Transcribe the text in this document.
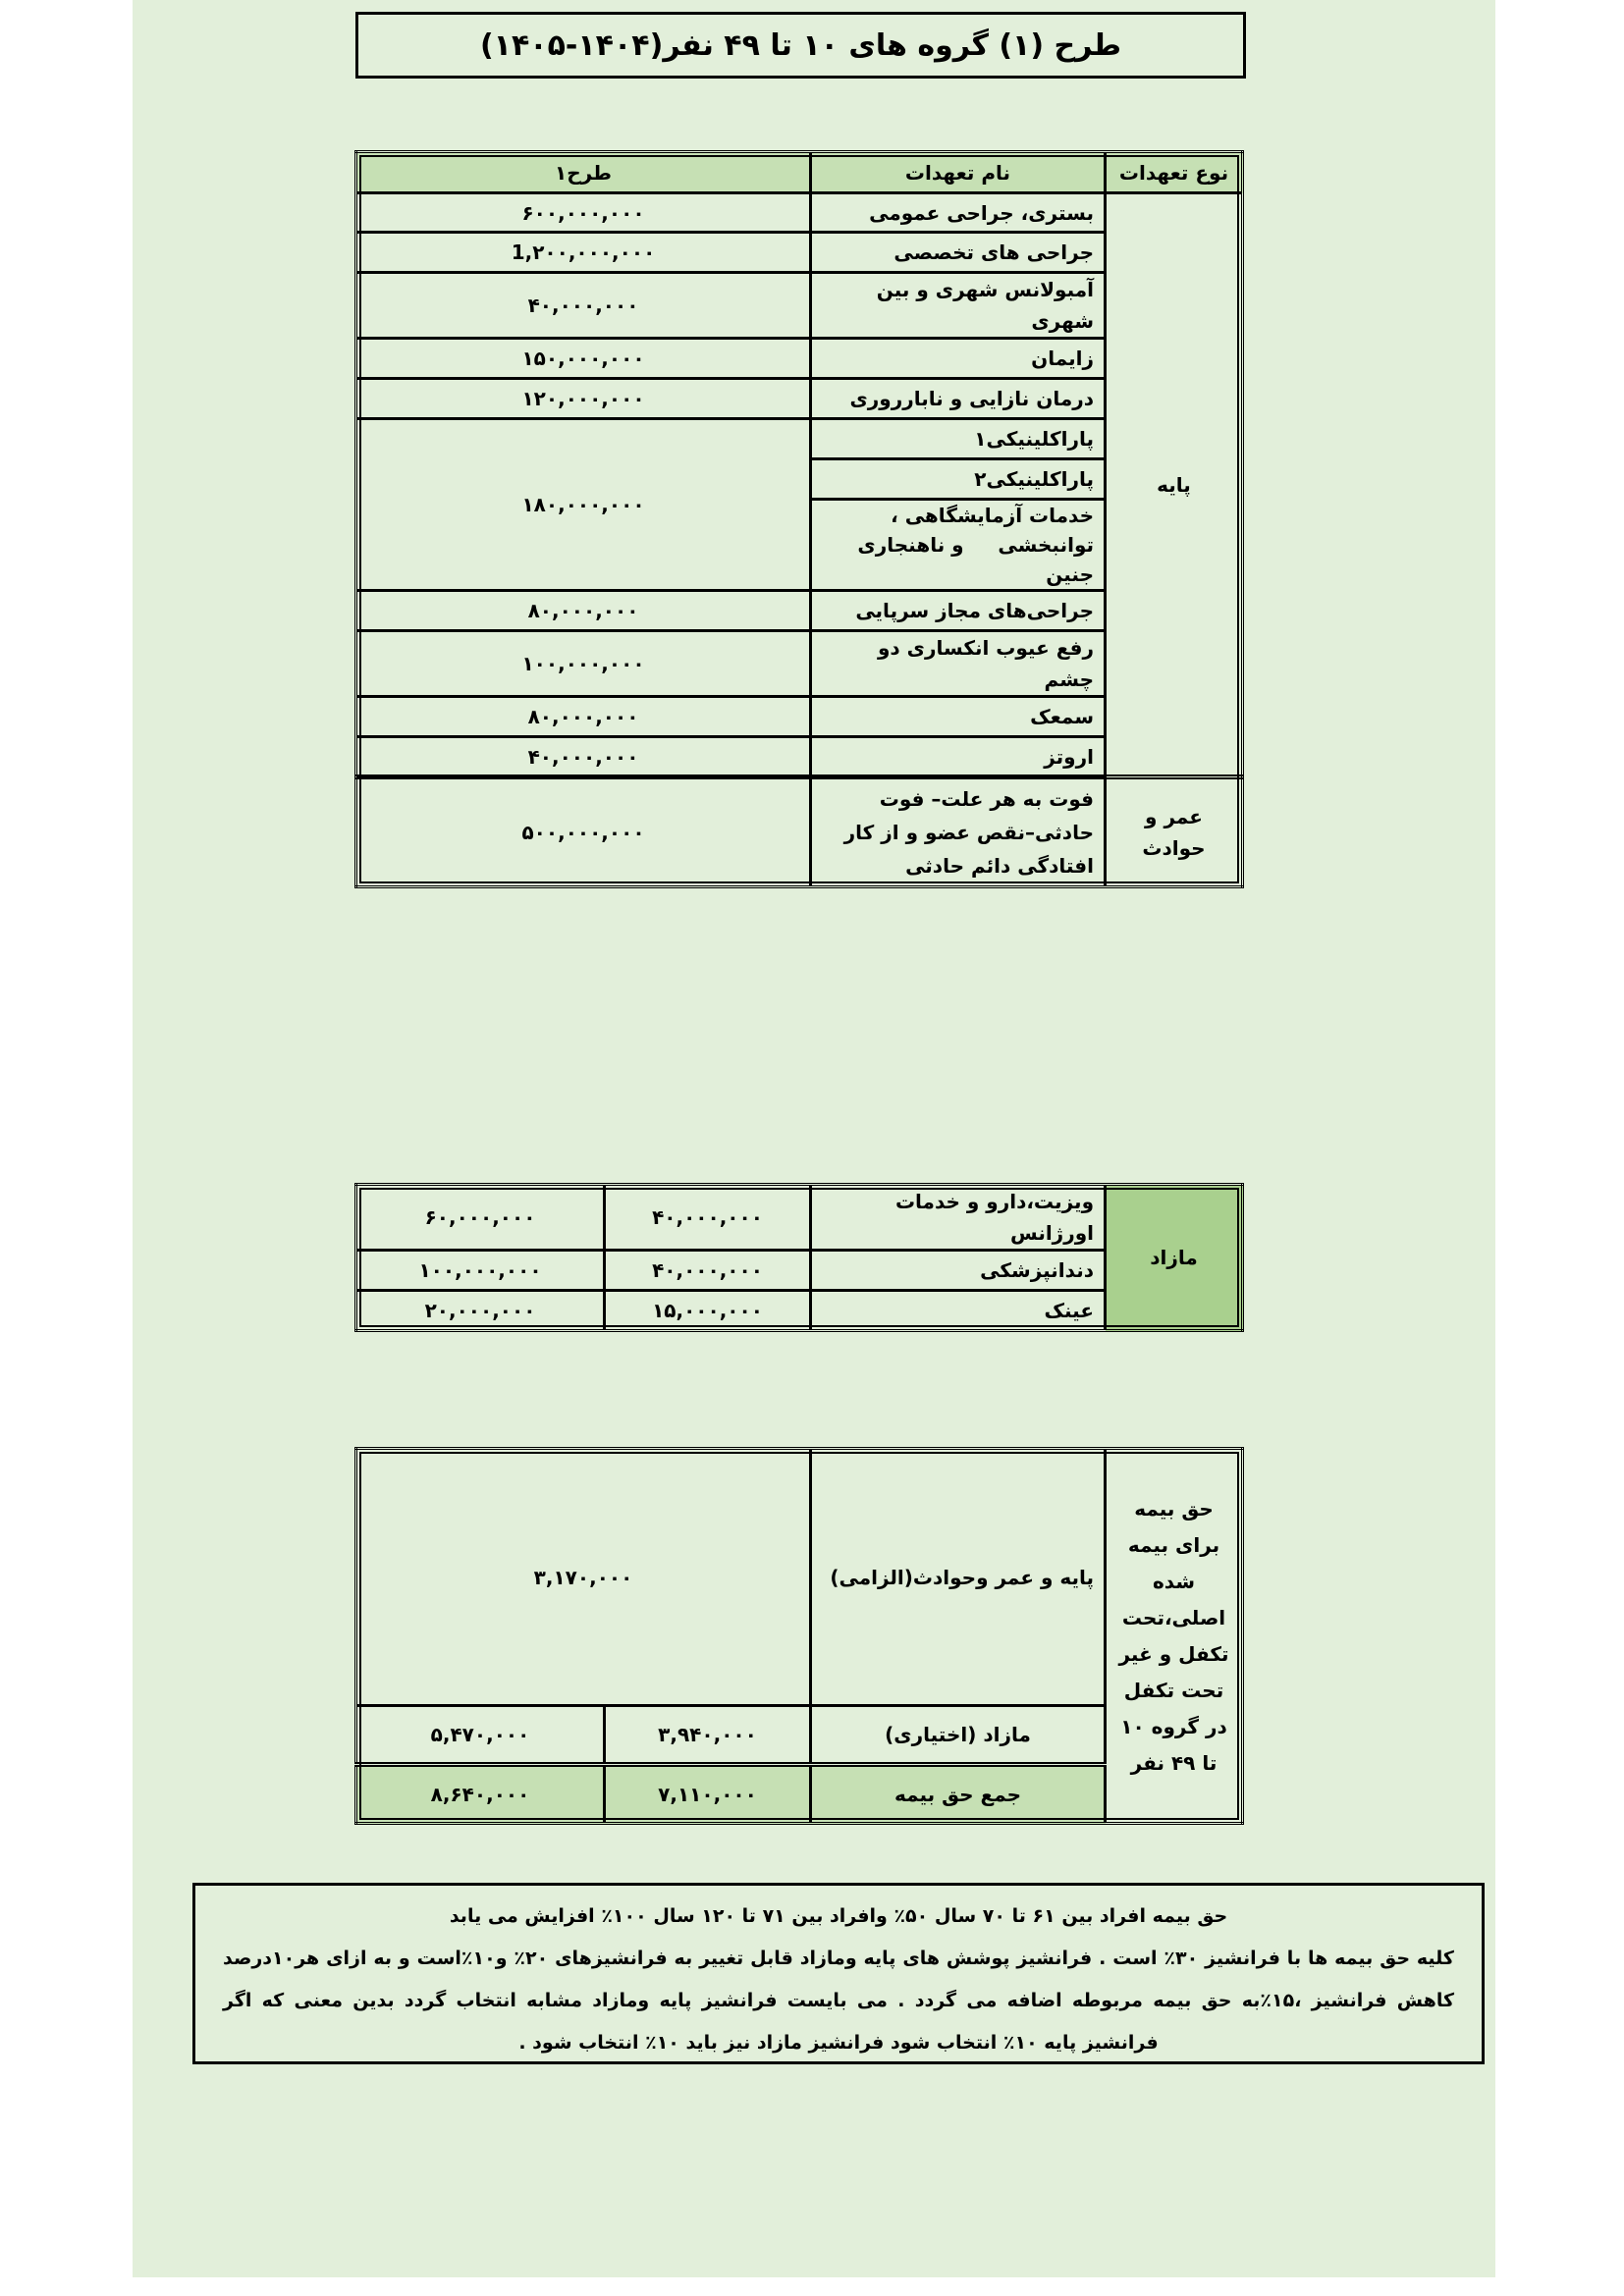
طرح (۱) گروه های ۱۰ تا ۴۹ نفر(۱۴۰۴-۱۴۰۵)
نوع تعهدات	نام تعهدات	طرح۱
پایه	بستری، جراحی عمومی	۶۰۰,۰۰۰,۰۰۰
	جراحی های تخصصی	1,۲۰۰,۰۰۰,۰۰۰
	آمبولانس شهری و بین شهری	۴۰,۰۰۰,۰۰۰
	زایمان	۱۵۰,۰۰۰,۰۰۰
	درمان نازایی و نابارروری	۱۲۰,۰۰۰,۰۰۰
	پاراکلینیکی۱	۱۸۰,۰۰۰,۰۰۰
	پاراکلینیکی۲	
	خدمات آزمایشگاهی ، توانبخشی     و ناهنجاری جنین	
	جراحی‌های مجاز سرپایی	۸۰,۰۰۰,۰۰۰
	رفع عیوب انکساری دو چشم	۱۰۰,۰۰۰,۰۰۰
	سمعک	۸۰,۰۰۰,۰۰۰
	اروتز	۴۰,۰۰۰,۰۰۰

عمر و حوادث	فوت به هر علت– فوت حادثی–نقص عضو و از کار افتادگی دائم حادثی	۵۰۰,۰۰۰,۰۰۰
مازاد	ویزیت،دارو و خدمات اورژانس	۴۰,۰۰۰,۰۰۰	۶۰,۰۰۰,۰۰۰
	دندانپزشکی	۴۰,۰۰۰,۰۰۰	۱۰۰,۰۰۰,۰۰۰
	عینک	۱۵,۰۰۰,۰۰۰	۲۰,۰۰۰,۰۰۰
حق بیمه برای بیمه شده اصلی،تحت تکفل و غیر تحت تکفل در گروه ۱۰ تا ۴۹ نفر	پایه و عمر وحوادث(الزامی)	۳,۱۷۰,۰۰۰	
	مازاد (اختیاری)	۳,۹۴۰,۰۰۰	۵,۴۷۰,۰۰۰
	جمع حق بیمه	۷,۱۱۰,۰۰۰	۸,۶۴۰,۰۰۰

حق بیمه افراد بین ۶۱ تا ۷۰ سال ۵۰٪ وافراد بین ۷۱ تا ۱۲۰ سال ۱۰۰٪ افزایش می یابد

کلیه حق بیمه ها با فرانشیز ۳۰٪ است . فرانشیز پوشش های پایه ومازاد قابل تغییر به فرانشیزهای ۲۰٪ و۱۰٪است و به ازای هر۱۰درصد کاهش فرانشیز ،۱۵٪به حق بیمه مربوطه اضافه می گردد . می بایست فرانشیز پایه ومازاد مشابه انتخاب گردد بدین معنی که اگر فرانشیز پایه ۱۰٪ انتخاب شود فرانشیز مازاد نیز باید ۱۰٪ انتخاب شود .
